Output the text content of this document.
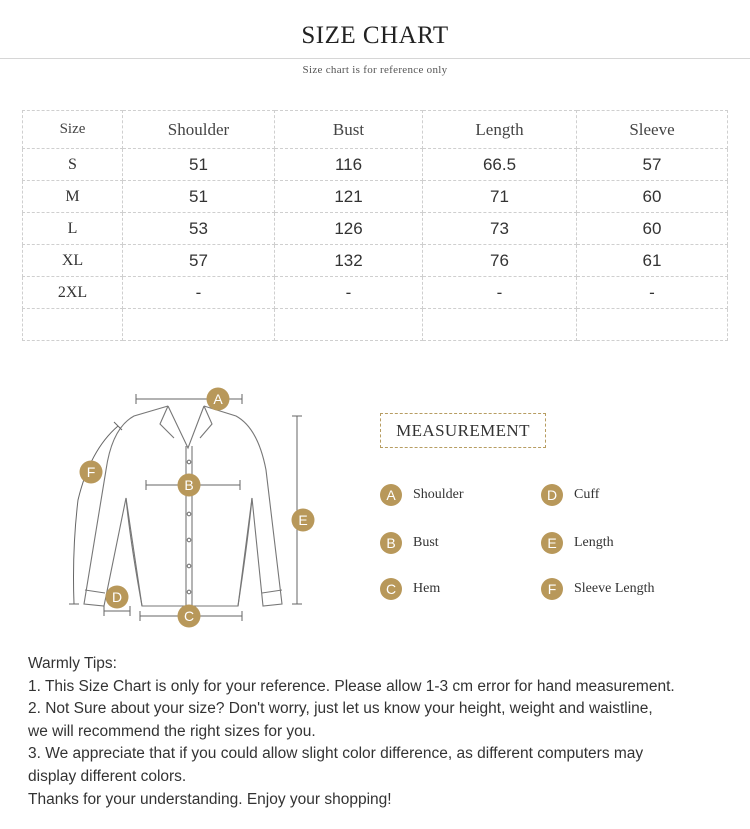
SIZE CHART
Size chart is for reference only
Size	Shoulder	Bust	Length	Sleeve
S	51	116	66.5	57
M	51	121	71	60
L	53	126	73	60
XL	57	132	76	61
2XL	-	-	-	-

A
B
C
D
E
F
MEASUREMENT
A	Shoulder
B	Bust
C	Hem
D	Cuff
E	Length
F	Sleeve Length

Warmly Tips:

1. This Size Chart is only for your reference. Please allow 1-3 cm error for hand measurement.

2. Not Sure about your size? Don't worry, just let us know your height, weight and waistline,

we will recommend the right sizes for you.

3. We appreciate that if you could allow slight color difference, as different computers may

display different colors.

Thanks for your understanding. Enjoy your shopping!
